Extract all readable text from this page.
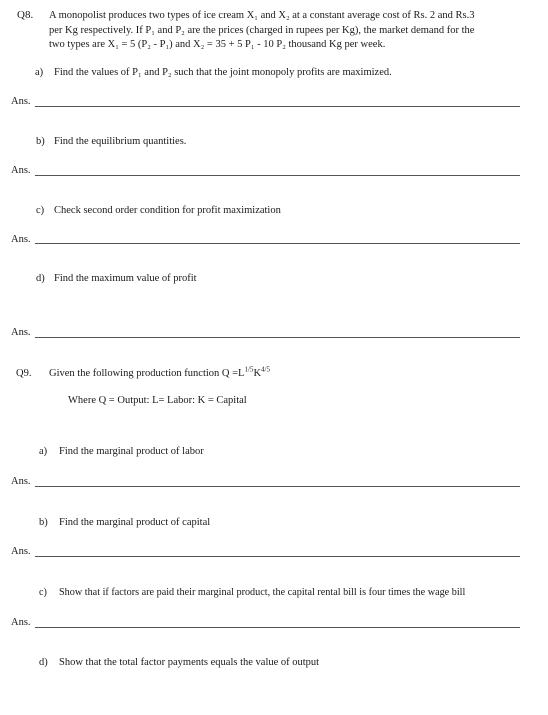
Q8. A monopolist produces two types of ice cream X₁ and X₂ at a constant average cost of Rs. 2 and Rs.3
per Kg respectively. If P₁ and P₂ are the prices (charged in rupees per Kg), the market demand for the
two types are X₁ = 5 (P₂ - P₁) and X₂ = 35 + 5 P₁ - 10 P₂ thousand Kg per week.
a) Find the values of P₁ and P₂ such that the joint monopoly profits are maximized.
Ans.
b) Find the equilibrium quantities.
Ans.
c) Check second order condition for profit maximization
Ans.
d) Find the maximum value of profit
Ans.
Q9. Given the following production function $Q =L^{1/5}K^{4/5}$
Where Q = Output: L= Labor: K = Capital
a) Find the marginal product of labor
Ans.
b) Find the marginal product of capital
Ans.
c) Show that if factors are paid their marginal product, the capital rental bill is four times the wage bill
Ans.
d) Show that the total factor payments equals the value of output
